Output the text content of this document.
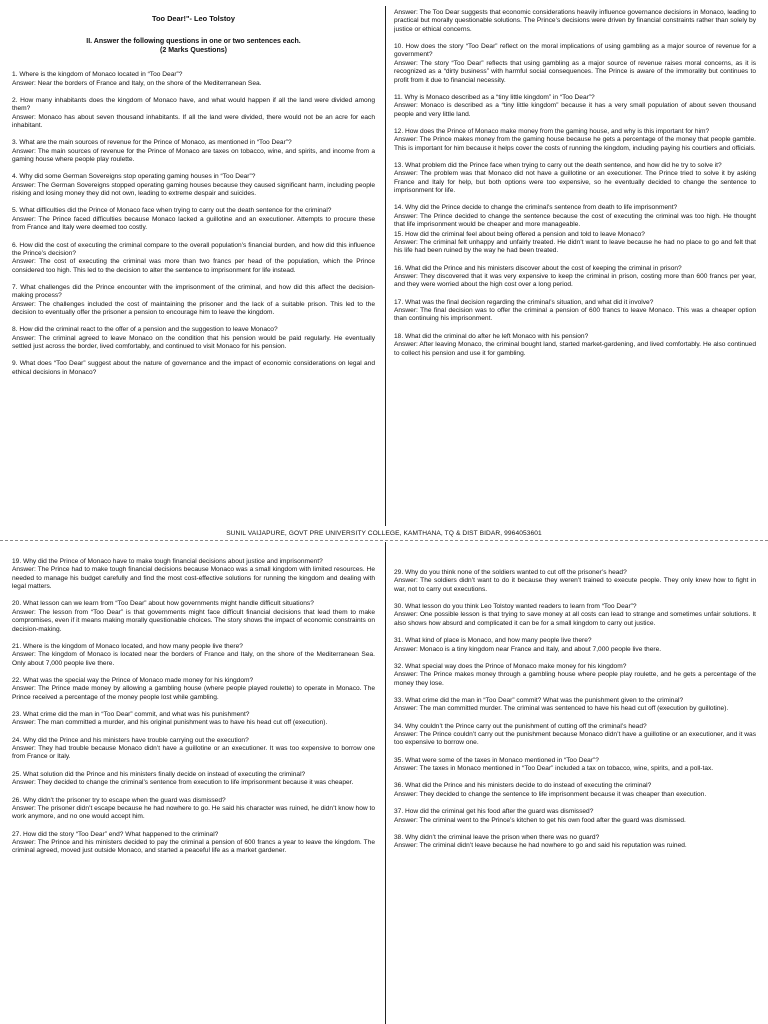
Too Dear!"- Leo Tolstoy
II. Answer the following questions in one or two sentences each.
(2 Marks Questions)
1. Where is the kingdom of Monaco located in “Too Dear”?
Answer: Near the borders of France and Italy, on the shore of the Mediterranean Sea.
2. How many inhabitants does the kingdom of Monaco have, and what would happen if all the land were divided among them?
Answer: Monaco has about seven thousand inhabitants. If all the land were divided, there would not be an acre for each inhabitant.
3. What are the main sources of revenue for the Prince of Monaco, as mentioned in “Too Dear”?
Answer: The main sources of revenue for the Prince of Monaco are taxes on tobacco, wine, and spirits, and income from a gaming house where people play roulette.
4. Why did some German Sovereigns stop operating gaming houses in “Too Dear”?
Answer: The German Sovereigns stopped operating gaming houses because they caused significant harm, including people risking and losing money they did not own, leading to extreme despair and suicides.
5. What difficulties did the Prince of Monaco face when trying to carry out the death sentence for the criminal?
Answer: The Prince faced difficulties because Monaco lacked a guillotine and an executioner. Attempts to procure these from France and Italy were deemed too costly.
6. How did the cost of executing the criminal compare to the overall population’s financial burden, and how did this influence the Prince’s decision?
Answer: The cost of executing the criminal was more than two francs per head of the population, which the Prince considered too high. This led to the decision to alter the sentence to imprisonment for life instead.
7. What challenges did the Prince encounter with the imprisonment of the criminal, and how did this affect the decision-making process?
Answer: The challenges included the cost of maintaining the prisoner and the lack of a suitable prison. This led to the decision to eventually offer the prisoner a pension to encourage him to leave the kingdom.
8. How did the criminal react to the offer of a pension and the suggestion to leave Monaco?
Answer: The criminal agreed to leave Monaco on the condition that his pension would be paid regularly. He eventually settled just across the border, lived comfortably, and continued to visit Monaco for his pension.
9. What does “Too Dear” suggest about the nature of governance and the impact of economic considerations on legal and ethical decisions in Monaco?
Answer: The Too Dear suggests that economic considerations heavily influence governance decisions in Monaco, leading to practical but morally questionable solutions. The Prince’s decisions were driven by financial constraints rather than solely by justice or ethical concerns.
10. How does the story “Too Dear” reflect on the moral implications of using gambling as a major source of revenue for a government?
Answer: The story “Too Dear” reflects that using gambling as a major source of revenue raises moral concerns, as it is recognized as a “dirty business” with harmful social consequences. The Prince is aware of the immorality but continues to profit from it due to financial necessity.
11. Why is Monaco described as a “tiny little kingdom” in “Too Dear”?
Answer: Monaco is described as a “tiny little kingdom” because it has a very small population of about seven thousand people and very little land.
12. How does the Prince of Monaco make money from the gaming house, and why is this important for him?
Answer: The Prince makes money from the gaming house because he gets a percentage of the money that people gamble. This is important for him because it helps cover the costs of running the kingdom, including paying his courtiers and officials.
13. What problem did the Prince face when trying to carry out the death sentence, and how did he try to solve it?
Answer: The problem was that Monaco did not have a guillotine or an executioner. The Prince tried to solve it by asking France and Italy for help, but both options were too expensive, so he eventually decided to change the sentence to imprisonment for life.
14. Why did the Prince decide to change the criminal’s sentence from death to life imprisonment?
Answer: The Prince decided to change the sentence because the cost of executing the criminal was too high. He thought that life imprisonment would be cheaper and more manageable.
15. How did the criminal feel about being offered a pension and told to leave Monaco?
Answer: The criminal felt unhappy and unfairly treated. He didn’t want to leave because he had no place to go and felt that his life had been ruined by the way he had been treated.
16. What did the Prince and his ministers discover about the cost of keeping the criminal in prison?
Answer: They discovered that it was very expensive to keep the criminal in prison, costing more than 600 francs per year, and they were worried about the high cost over a long period.
17. What was the final decision regarding the criminal’s situation, and what did it involve?
Answer: The final decision was to offer the criminal a pension of 600 francs to leave Monaco. This was a cheaper option than continuing his imprisonment.
18. What did the criminal do after he left Monaco with his pension?
Answer: After leaving Monaco, the criminal bought land, started market-gardening, and lived comfortably. He also continued to collect his pension and use it for gambling.
SUNIL VAIJAPURE, GOVT PRE UNIVERSITY COLLEGE, KAMTHANA, TQ & DIST BIDAR, 9964053601
19. Why did the Prince of Monaco have to make tough financial decisions about justice and imprisonment?
Answer: The Prince had to make tough financial decisions because Monaco was a small kingdom with limited resources. He needed to manage his budget carefully and find the most cost-effective solutions for running the kingdom and dealing with legal matters.
20. What lesson can we learn from “Too Dear” about how governments might handle difficult situations?
Answer: The lesson from “Too Dear” is that governments might face difficult financial decisions that lead them to make compromises, even if it means making morally questionable choices. The story shows the impact of economic constraints on decision-making.
21. Where is the kingdom of Monaco located, and how many people live there?
Answer: The kingdom of Monaco is located near the borders of France and Italy, on the shore of the Mediterranean Sea. Only about 7,000 people live there.
22. What was the special way the Prince of Monaco made money for his kingdom?
Answer: The Prince made money by allowing a gambling house (where people played roulette) to operate in Monaco. The Prince received a percentage of the money people lost while gambling.
23. What crime did the man in “Too Dear” commit, and what was his punishment?
Answer: The man committed a murder, and his original punishment was to have his head cut off (execution).
24. Why did the Prince and his ministers have trouble carrying out the execution?
Answer: They had trouble because Monaco didn’t have a guillotine or an executioner. It was too expensive to borrow one from France or Italy.
25. What solution did the Prince and his ministers finally decide on instead of executing the criminal?
Answer: They decided to change the criminal’s sentence from execution to life imprisonment because it was cheaper.
26. Why didn’t the prisoner try to escape when the guard was dismissed?
Answer: The prisoner didn’t escape because he had nowhere to go. He said his character was ruined, he didn’t know how to work anymore, and no one would accept him.
27. How did the story “Too Dear” end? What happened to the criminal?
Answer: The Prince and his ministers decided to pay the criminal a pension of 600 francs a year to leave the kingdom. The criminal agreed, moved just outside Monaco, and started a peaceful life as a market gardener.
29. Why do you think none of the soldiers wanted to cut off the prisoner’s head?
Answer: The soldiers didn’t want to do it because they weren’t trained to execute people. They only knew how to fight in war, not to carry out executions.
30. What lesson do you think Leo Tolstoy wanted readers to learn from “Too Dear”?
Answer: One possible lesson is that trying to save money at all costs can lead to strange and sometimes unfair solutions. It also shows how absurd and complicated it can be for a small kingdom to carry out justice.
31. What kind of place is Monaco, and how many people live there?
Answer: Monaco is a tiny kingdom near France and Italy, and about 7,000 people live there.
32. What special way does the Prince of Monaco make money for his kingdom?
Answer: The Prince makes money through a gambling house where people play roulette, and he gets a percentage of the money they lose.
33. What crime did the man in “Too Dear” commit? What was the punishment given to the criminal?
Answer: The man committed murder. The criminal was sentenced to have his head cut off (execution by guillotine).
34. Why couldn’t the Prince carry out the punishment of cutting off the criminal’s head?
Answer: The Prince couldn’t carry out the punishment because Monaco didn’t have a guillotine or an executioner, and it was too expensive to borrow one.
35. What were some of the taxes in Monaco mentioned in “Too Dear”?
Answer: The taxes in Monaco mentioned in “Too Dear” included a tax on tobacco, wine, spirits, and a poll-tax.
36. What did the Prince and his ministers decide to do instead of executing the criminal?
Answer: They decided to change the sentence to life imprisonment because it was cheaper than execution.
37. How did the criminal get his food after the guard was dismissed?
Answer: The criminal went to the Prince’s kitchen to get his own food after the guard was dismissed.
38. Why didn’t the criminal leave the prison when there was no guard?
Answer: The criminal didn’t leave because he had nowhere to go and said his reputation was ruined.
